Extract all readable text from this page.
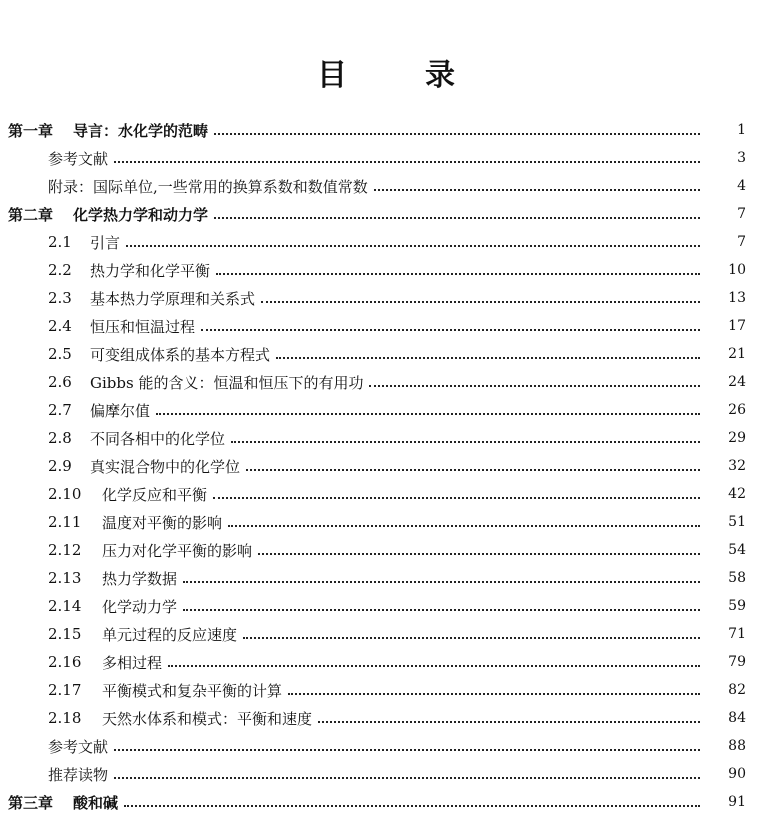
目	录
第一章 导言：水化学的范畴	1
参考文献	3
附录：国际单位,一些常用的换算系数和数值常数	4
第二章 化学热力学和动力学	7
2.1	引言	7
2.2	热力学和化学平衡	10
2.3	基本热力学原理和关系式	13
2.4	恒压和恒温过程	17
2.5	可变组成体系的基本方程式	21
2.6	Gibbs 能的含义：恒温和恒压下的有用功	24
2.7	偏摩尔值	26
2.8	不同各相中的化学位	29
2.9	真实混合物中的化学位	32
2.10	化学反应和平衡	42
2.11	温度对平衡的影响	51
2.12	压力对化学平衡的影响	54
2.13	热力学数据	58
2.14	化学动力学	59
2.15	单元过程的反应速度	71
2.16	多相过程	79
2.17	平衡模式和复杂平衡的计算	82
2.18	天然水体系和模式：平衡和速度	84
参考文献	88
推荐读物	90
第三章 酸和碱	91
